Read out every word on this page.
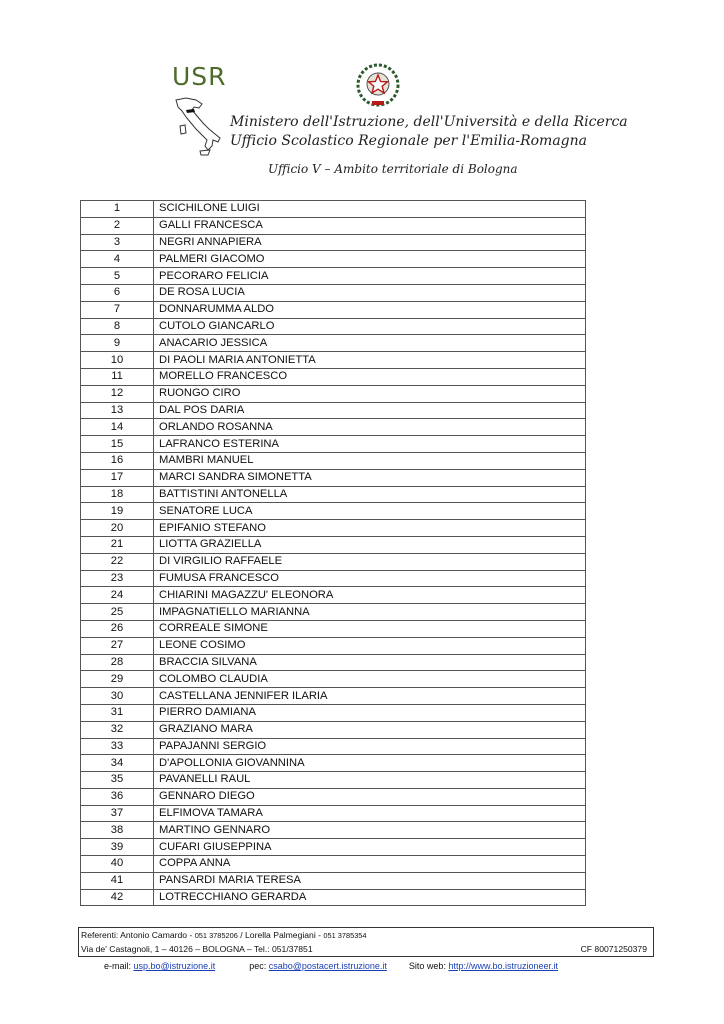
USR
Ministero dell'Istruzione, dell'Università e della Ricerca
Ufficio Scolastico Regionale per l'Emilia-Romagna
Ufficio V – Ambito territoriale di Bologna
1	SCICHILONE LUIGI
2	GALLI FRANCESCA
3	NEGRI ANNAPIERA
4	PALMERI GIACOMO
5	PECORARO FELICIA
6	DE ROSA LUCIA
7	DONNARUMMA ALDO
8	CUTOLO GIANCARLO
9	ANACARIO JESSICA
10	DI PAOLI MARIA ANTONIETTA
11	MORELLO FRANCESCO
12	RUONGO CIRO
13	DAL POS DARIA
14	ORLANDO ROSANNA
15	LAFRANCO ESTERINA
16	MAMBRI MANUEL
17	MARCI SANDRA SIMONETTA
18	BATTISTINI ANTONELLA
19	SENATORE LUCA
20	EPIFANIO STEFANO
21	LIOTTA GRAZIELLA
22	DI VIRGILIO RAFFAELE
23	FUMUSA FRANCESCO
24	CHIARINI MAGAZZU' ELEONORA
25	IMPAGNATIELLO MARIANNA
26	CORREALE SIMONE
27	LEONE COSIMO
28	BRACCIA SILVANA
29	COLOMBO CLAUDIA
30	CASTELLANA JENNIFER ILARIA
31	PIERRO DAMIANA
32	GRAZIANO MARA
33	PAPAJANNI SERGIO
34	D'APOLLONIA GIOVANNINA
35	PAVANELLI RAUL
36	GENNARO DIEGO
37	ELFIMOVA TAMARA
38	MARTINO GENNARO
39	CUFARI GIUSEPPINA
40	COPPA ANNA
41	PANSARDI MARIA TERESA
42	LOTRECCHIANO GERARDA
Referenti: Antonio Camardo - 051 3785206 / Lorella Palmegiani - 051 3785354
Via de' Castagnoli, 1 – 40126 – BOLOGNA – Tel.: 051/37851	CF 80071250379
e-mail: usp.bo@istruzione.it	pec: csabo@postacert.istruzione.it Sito web: http://www.bo.istruzioneer.it
